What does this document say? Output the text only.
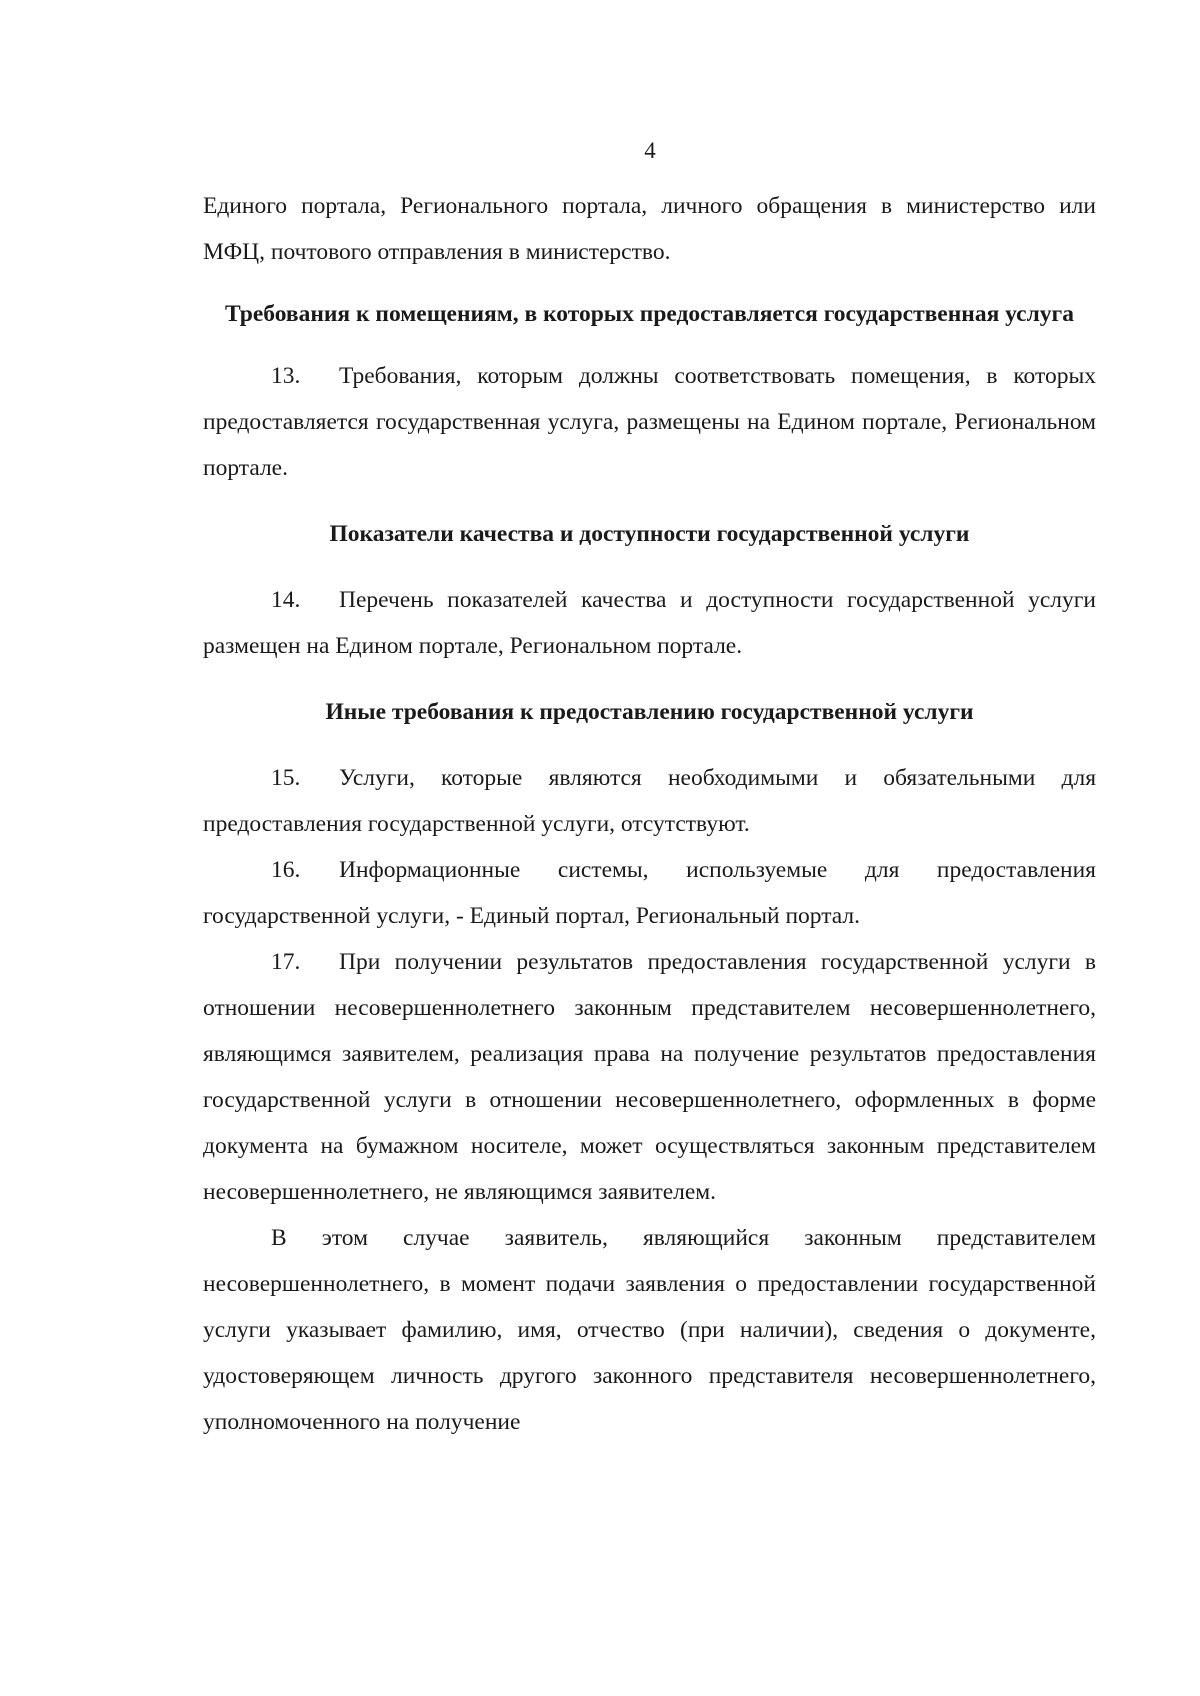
4

Единого портала, Регионального портала, личного обращения в министерство или МФЦ, почтового отправления в министерство.

Требования к помещениям, в которых предоставляется государственная услуга

13. Требования, которым должны соответствовать помещения, в которых предоставляется государственная услуга, размещены на Едином портале, Региональном портале.

Показатели качества и доступности государственной услуги

14. Перечень показателей качества и доступности государственной услуги размещен на Едином портале, Региональном портале.

Иные требования к предоставлению государственной услуги

15. Услуги, которые являются необходимыми и обязательными для предоставления государственной услуги, отсутствуют.

16. Информационные системы, используемые для предоставления государственной услуги, - Единый портал, Региональный портал.

17. При получении результатов предоставления государственной услуги в отношении несовершеннолетнего законным представителем несовершеннолетнего, являющимся заявителем, реализация права на получение результатов предоставления государственной услуги в отношении несовершеннолетнего, оформленных в форме документа на бумажном носителе, может осуществляться законным представителем несовершеннолетнего, не являющимся заявителем.

В этом случае заявитель, являющийся законным представителем несовершеннолетнего, в момент подачи заявления о предоставлении государственной услуги указывает фамилию, имя, отчество (при наличии), сведения о документе, удостоверяющем личность другого законного представителя несовершеннолетнего, уполномоченного на получение
